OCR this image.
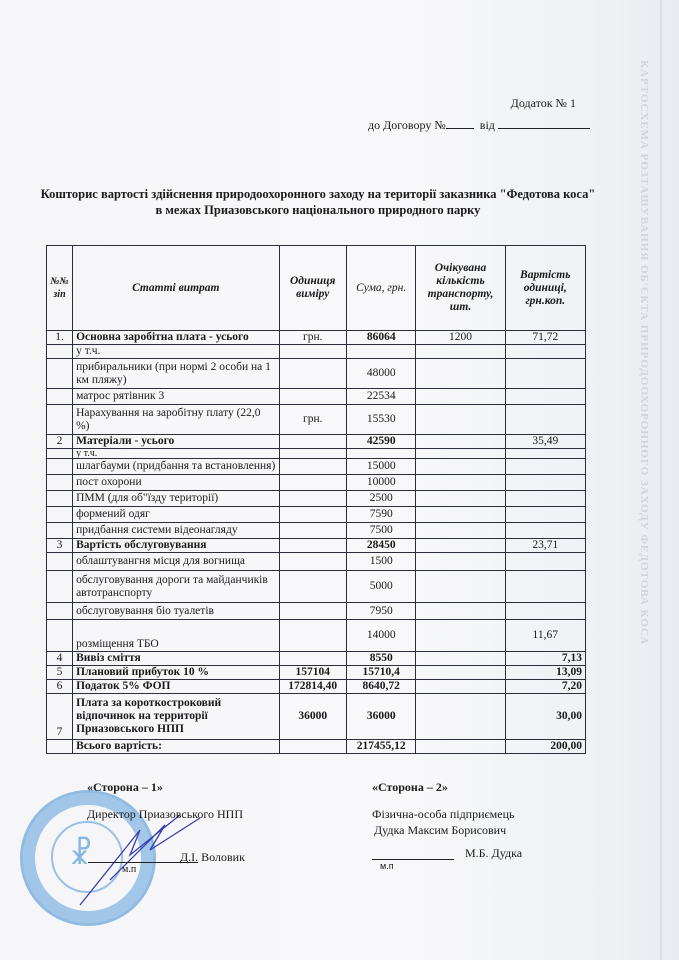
КАРТОСХЕМА РОЗТАШУВАННЯ ОБ'ЄКТА ПРИРОДООХОРОННОГО ЗАХОДУ ФЕДОТОВА КОСА
Додаток № 1
до Договору №	від
Кошторис вартості здійснення природоохоронного заходу на території заказника "Федотова коса"
в межах Приазовського національного природного парку
№№ зіп	Статті витрат	Одиниця виміру	Сума, грн.	Очікувана кількість транспорту, шт.	Вартість одиниці, грн.коп.
1.	Основна заробітна плата - усього	грн.	86064	1200	71,72
	у т.ч.				
	прибиральники (при нормі 2 особи на 1 км пляжу)		48000		
	матрос рятівник 3		22534		
	Нарахування на заробітну плату (22,0 %)	грн.	15530		
2	Матеріали - усього		42590		35,49
	у т.ч.				
	шлагбауми (придбання та встановлення)		15000		
	пост охорони		10000		
	ПММ (для об"їзду території)		2500		
	формений одяг		7590		
	придбання системи відеонагляду		7500		
3	Вартість обслуговування		28450		23,71
	облаштувангня місця для вогнища		1500		
	обслуговування дороги та майданчиків автотранспорту		5000		
	обслуговування біо туалетів		7950		
	розміщення ТБО		14000		11,67
4	Вивіз сміття		8550		7,13
5	Плановий прибуток 10 %	157104	15710,4		13,09
6	Податок 5% ФОП	172814,40	8640,72		7,20
7	Плата за короткостроковий відпочинок на территорії Приазовського НПП	36000	36000		30,00
	Всього вартість:		217455,12		200,00
☧
«Сторона – 1»
Директор Приазовського НПП
Д.І. Воловик
м.п
«Сторона – 2»
Фізична-особа підприємець
Дудка Максим Борисович
М.Б. Дудка
м.п
